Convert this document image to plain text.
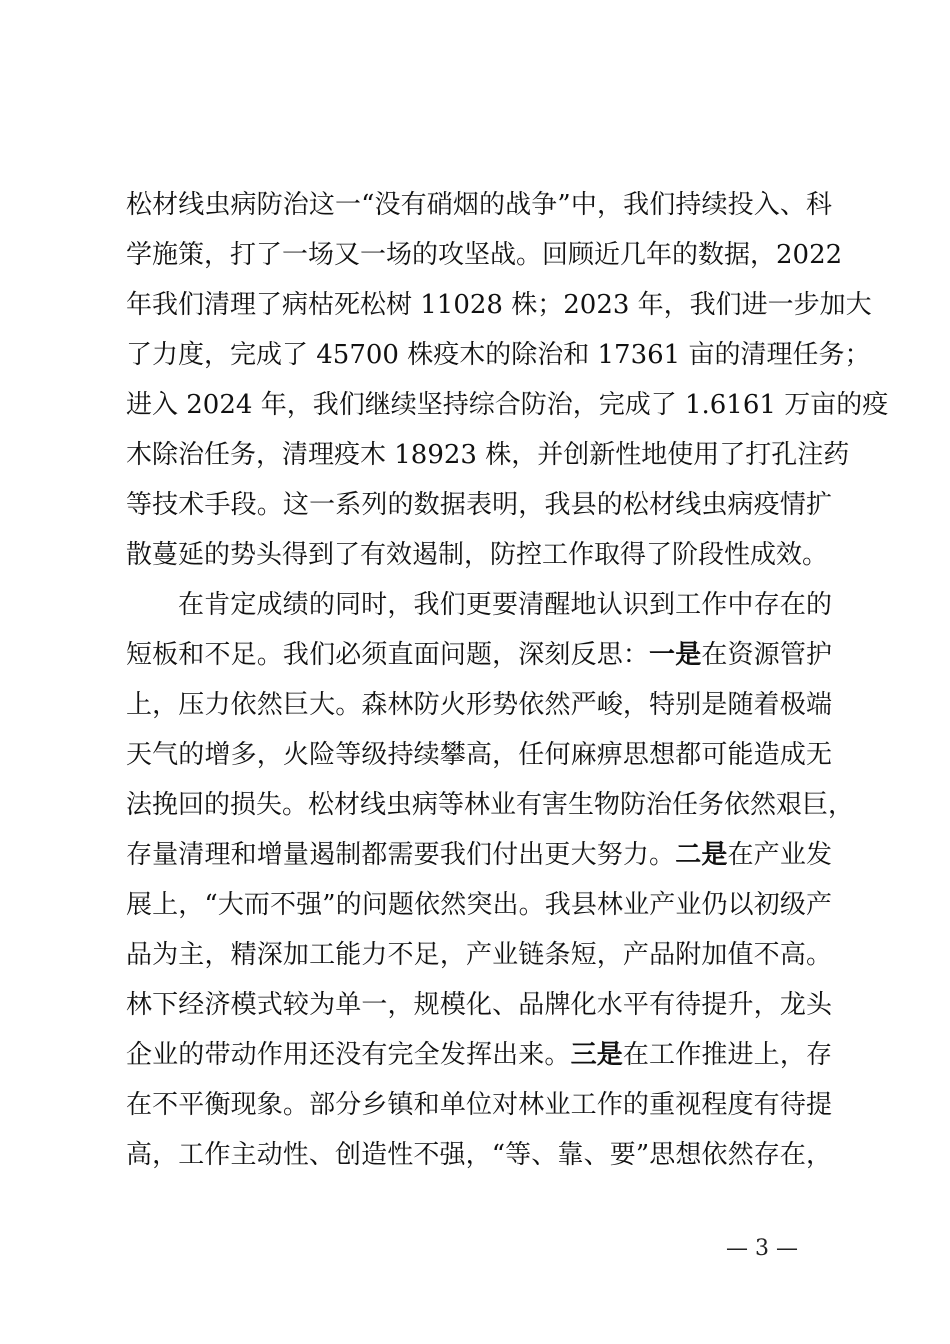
松材线虫病防治这一“没有硝烟的战争”中，我们持续投入、科
学施策，打了一场又一场的攻坚战。回顾近几年的数据，2022
年我们清理了病枯死松树 11028 株；2023 年，我们进一步加大
了力度，完成了 45700 株疫木的除治和 17361 亩的清理任务；
进入 2024 年，我们继续坚持综合防治，完成了 1.6161 万亩的疫
木除治任务，清理疫木 18923 株，并创新性地使用了打孔注药
等技术手段。这一系列的数据表明，我县的松材线虫病疫情扩
散蔓延的势头得到了有效遏制，防控工作取得了阶段性成效。
在肯定成绩的同时，我们更要清醒地认识到工作中存在的
短板和不足。我们必须直面问题，深刻反思：一是在资源管护
上，压力依然巨大。森林防火形势依然严峻，特别是随着极端
天气的增多，火险等级持续攀高，任何麻痹思想都可能造成无
法挽回的损失。松材线虫病等林业有害生物防治任务依然艰巨，
存量清理和增量遏制都需要我们付出更大努力。二是在产业发
展上，“大而不强”的问题依然突出。我县林业产业仍以初级产
品为主，精深加工能力不足，产业链条短，产品附加值不高。
林下经济模式较为单一，规模化、品牌化水平有待提升，龙头
企业的带动作用还没有完全发挥出来。三是在工作推进上，存
在不平衡现象。部分乡镇和单位对林业工作的重视程度有待提
高，工作主动性、创造性不强，“等、靠、要”思想依然存在，
— 3 —
